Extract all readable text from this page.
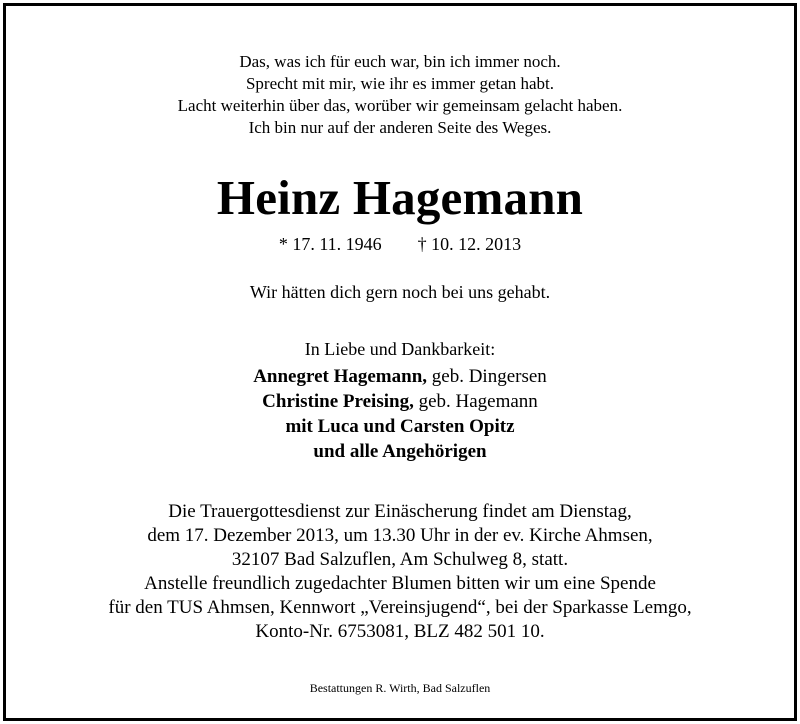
Das, was ich für euch war, bin ich immer noch.
Sprecht mit mir, wie ihr es immer getan habt.
Lacht weiterhin über das, worüber wir gemeinsam gelacht haben.
Ich bin nur auf der anderen Seite des Weges.
Heinz Hagemann
* 17. 11. 1946 † 10. 12. 2013
Wir hätten dich gern noch bei uns gehabt.
In Liebe und Dankbarkeit:
Annegret Hagemann, geb. Dingersen
Christine Preising, geb. Hagemann
mit Luca und Carsten Opitz
und alle Angehörigen
Die Trauergottesdienst zur Einäscherung findet am Dienstag,
dem 17. Dezember 2013, um 13.30 Uhr in der ev. Kirche Ahmsen,
32107 Bad Salzuflen, Am Schulweg 8, statt.
Anstelle freundlich zugedachter Blumen bitten wir um eine Spende
für den TUS Ahmsen, Kennwort „Vereinsjugend“, bei der Sparkasse Lemgo,
Konto-Nr. 6753081, BLZ 482 501 10.
Bestattungen R. Wirth, Bad Salzuflen
